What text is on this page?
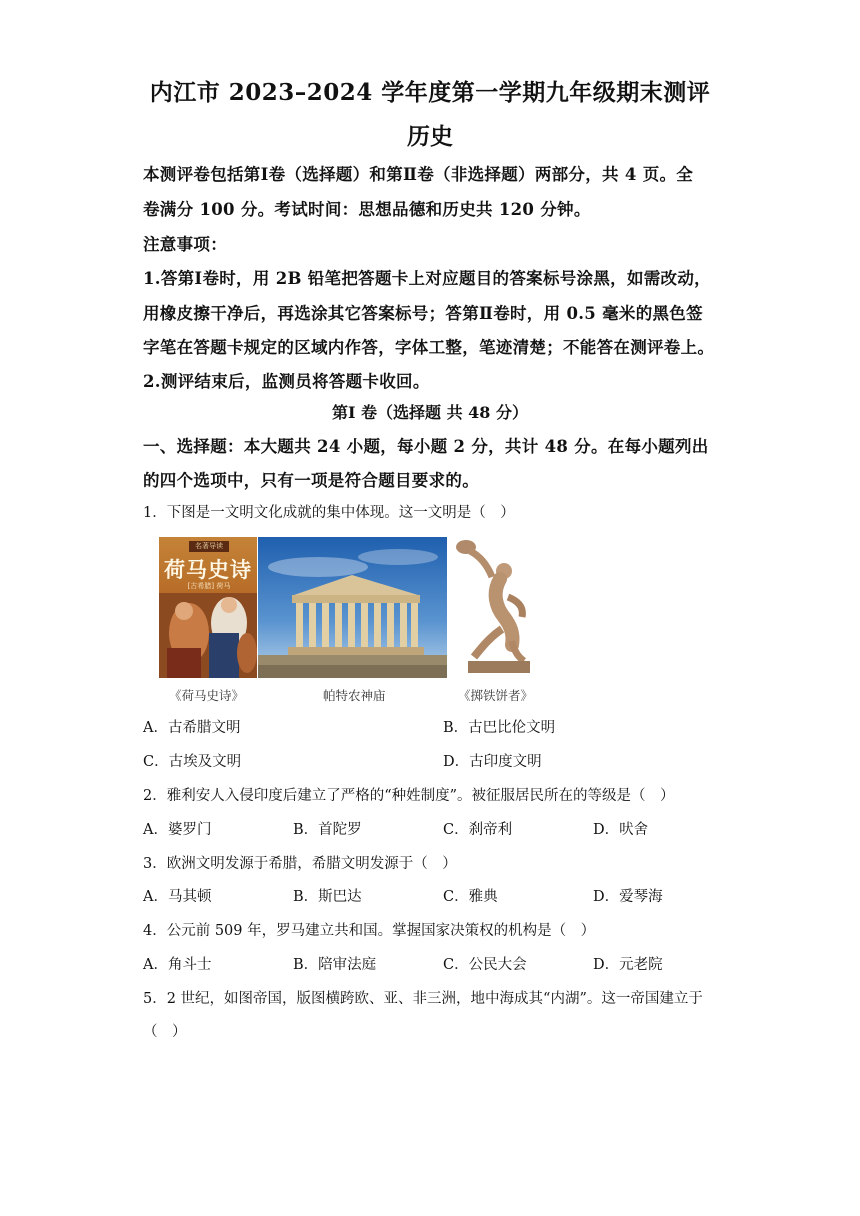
内江市 2023–2024 学年度第一学期九年级期末测评
历史
本测评卷包括第Ⅰ卷（选择题）和第Ⅱ卷（非选择题）两部分，共 4 页。全
卷满分 100 分。考试时间：思想品德和历史共 120 分钟。
注意事项：
1.答第Ⅰ卷时，用 2B 铅笔把答题卡上对应题目的答案标号涂黑，如需改动，
用橡皮擦干净后，再选涂其它答案标号；答第Ⅱ卷时，用 0.5 毫米的黑色签
字笔在答题卡规定的区域内作答，字体工整，笔迹清楚；不能答在测评卷上。
2.测评结束后，监测员将答题卡收回。
第Ⅰ 卷（选择题 共 48 分）
一、选择题：本大题共 24 小题，每小题 2 分，共计 48 分。在每小题列出
的四个选项中，只有一项是符合题目要求的。
1．下图是一文明文化成就的集中体现。这一文明是（　）
名著导读
荷马史诗
[古希腊] 荷马
《荷马史诗》	帕特农神庙	《掷铁饼者》
A．古希腊文明	B．古巴比伦文明
C．古埃及文明	D．古印度文明
2．雅利安人入侵印度后建立了严格的“种姓制度”。被征服居民所在的等级是（　）
A．婆罗门	B．首陀罗	C．刹帝利	D．吠舍
3．欧洲文明发源于希腊，希腊文明发源于（　）
A．马其顿	B．斯巴达	C．雅典	D．爱琴海
4．公元前 509 年，罗马建立共和国。掌握国家决策权的机构是（　）
A．角斗士	B．陪审法庭	C．公民大会	D．元老院
5．2 世纪，如图帝国，版图横跨欧、亚、非三洲，地中海成其“内湖”。这一帝国建立于
（　）
